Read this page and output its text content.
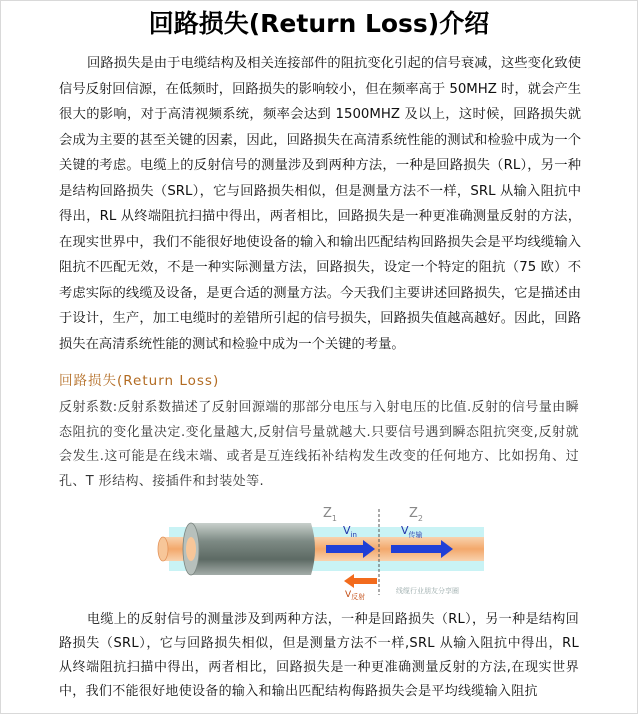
回路损失(Return Loss)介绍

回路损失是由于电缆结构及相关连接部件的阻抗变化引起的信号衰减，这些变化致使信号反射回信源，在低频时，回路损失的影响较小，但在频率高于 50MHZ 时，就会产生很大的影响，对于高清视频系统，频率会达到 1500MHZ 及以上，这时候，回路损失就会成为主要的甚至关键的因素，因此，回路损失在高清系统性能的测试和检验中成为一个关键的考虑。电缆上的反射信号的测量涉及到两种方法，一种是回路损失（RL），另一种是结构回路损失（SRL），它与回路损失相似，但是测量方法不一样，SRL 从输入阻抗中得出，RL 从终端阻抗扫描中得出，两者相比，回路损失是一种更准确测量反射的方法， 在现实世界中，我们不能很好地使设备的输入和输出匹配结构回路损失会是平均线缆输入阻抗不匹配无效，不是一种实际测量方法，回路损失，设定一个特定的阻抗（75 欧）不考虑实际的线缆及设备，是更合适的测量方法。今天我们主要讲述回路损失，它是描述由于设计，生产，加工电缆时的差错所引起的信号损失，回路损失值越高越好。因此，回路损失在高清系统性能的测试和检验中成为一个关键的考量。

回路损失(Return Loss)

反射系数:反射系数描述了反射回源端的那部分电压与入射电压的比值.反射的信号量由瞬态阻抗的变化量决定.变化量越大,反射信号量就越大.只要信号遇到瞬态阻抗突变,反射就会发生.这可能是在线末端、或者是互连线拓补结构发生改变的任何地方、比如拐角、过孔、T 形结构、接插件和封装处等.

$Z_1$	$Z_2$
$V_{in}$	$V_{传输}$
$V_{反射}$
线缆行业朋友分享圈

电缆上的反射信号的测量涉及到两种方法，一种是回路损失（RL），另一种是结构回路损失（SRL），它与回路损失相似，但是测量方法不一样,SRL 从输入阻抗中得出，RL 从终端阻抗扫描中得出，两者相比，回路损失是一种更准确测量反射的方法,在现实世界中，我们不能很好地使设备的输入和输出匹配结构侮路损失会是平均线缆输入阻抗
